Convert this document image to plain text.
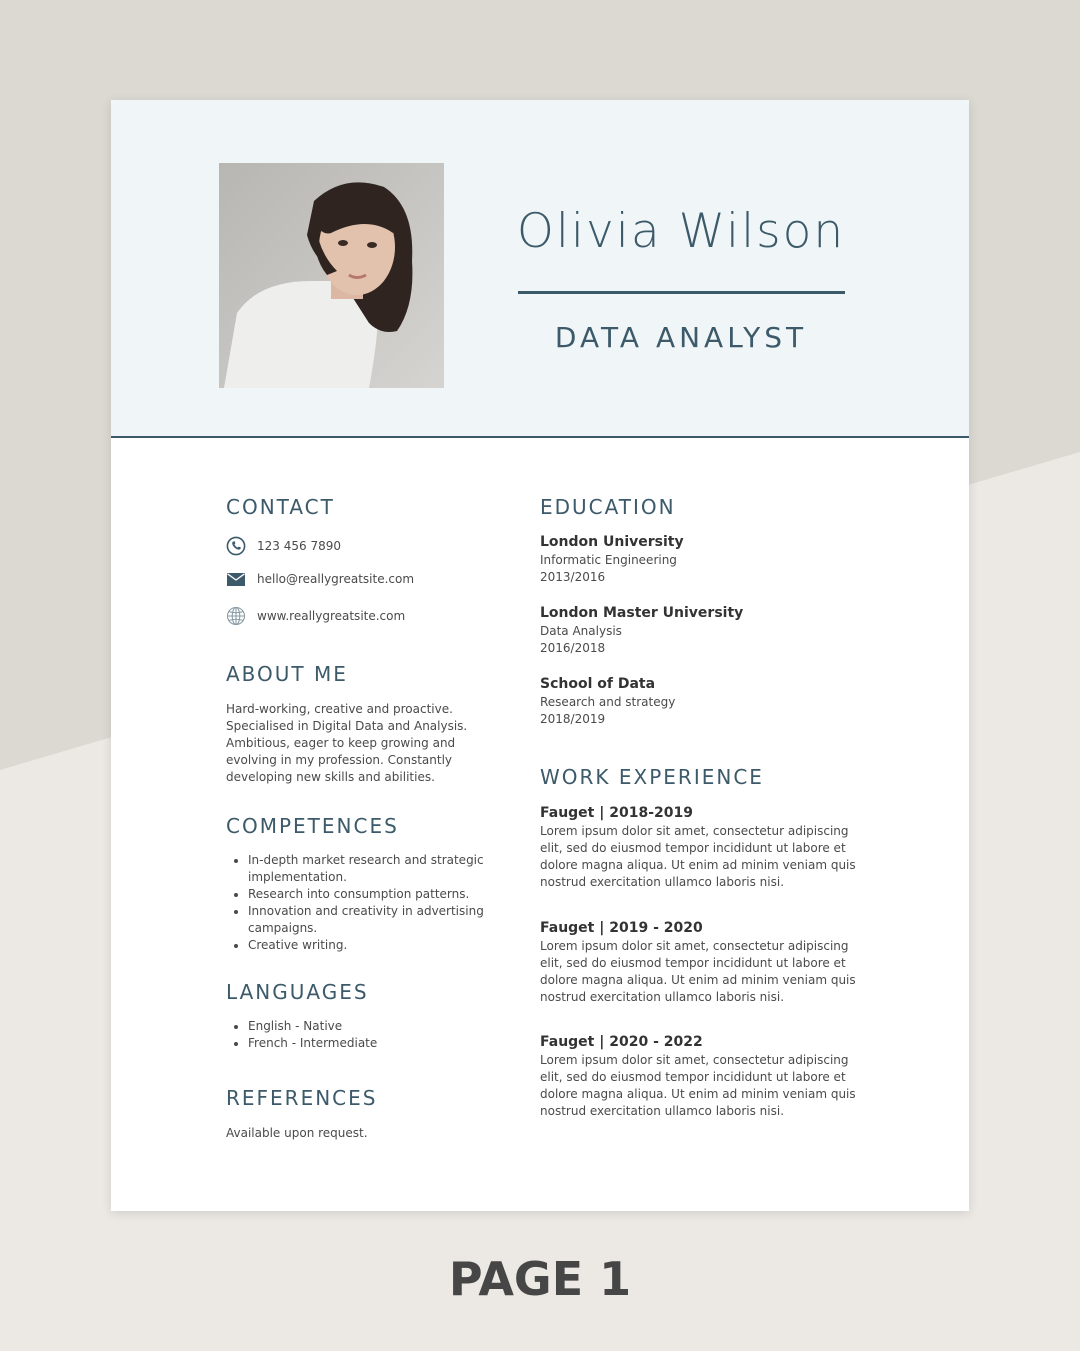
Olivia Wilson
DATA ANALYST
CONTACT
123 456 7890
hello@reallygreatsite.com
www.reallygreatsite.com
ABOUT ME

Hard-working, creative and proactive. Specialised in Digital Data and Analysis. Ambitious, eager to keep growing and evolving in my profession. Constantly developing new skills and abilities.

COMPETENCES
• In-depth market research and strategic implementation.
• Research into consumption patterns.
• Innovation and creativity in advertising campaigns.
• Creative writing.
LANGUAGES
• English - Native
• French - Intermediate
REFERENCES

Available upon request.

EDUCATION
London University
Informatic Engineering
2013/2016
London Master University
Data Analysis
2016/2018
School of Data
Research and strategy
2018/2019
WORK EXPERIENCE
Fauget | 2018-2019
Lorem ipsum dolor sit amet, consectetur adipiscing elit, sed do eiusmod tempor incididunt ut labore et dolore magna aliqua. Ut enim ad minim veniam quis nostrud exercitation ullamco laboris nisi.
Fauget | 2019 - 2020
Lorem ipsum dolor sit amet, consectetur adipiscing elit, sed do eiusmod tempor incididunt ut labore et dolore magna aliqua. Ut enim ad minim veniam quis nostrud exercitation ullamco laboris nisi.
Fauget | 2020 - 2022
Lorem ipsum dolor sit amet, consectetur adipiscing elit, sed do eiusmod tempor incididunt ut labore et dolore magna aliqua. Ut enim ad minim veniam quis nostrud exercitation ullamco laboris nisi.
PAGE 1
